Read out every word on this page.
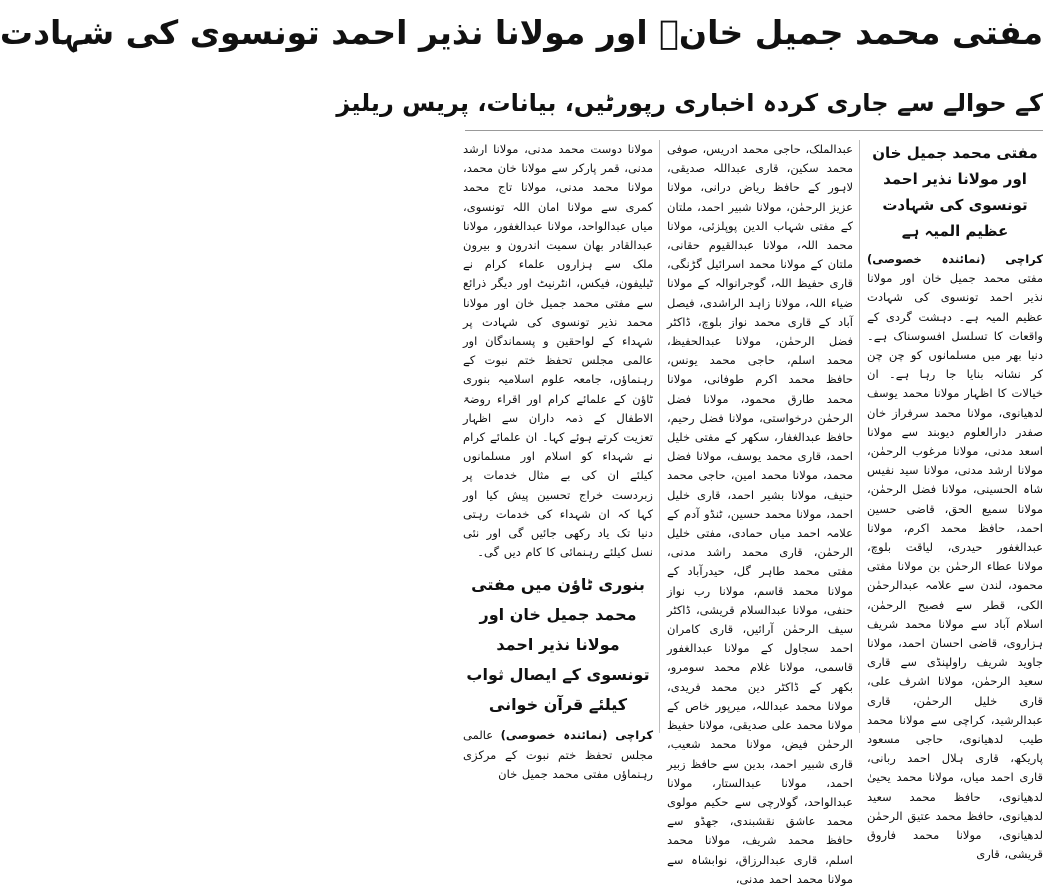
مفتی محمد جمیل خانؒ اور مولانا نذیر احمد تونسوی کی شہادت
کے حوالے سے جاری کردہ اخباری رپورٹیں، بیانات، پریس ریلیز
مفتی محمد جمیل خان اور مولانا نذیر احمد تونسوی کی شہادت عظیم المیہ ہے

کراچی (نمائندہ خصوصی) مفتی محمد جمیل خان اور مولانا نذیر احمد تونسوی کی شہادت عظیم المیہ ہے۔ دہشت گردی کے واقعات کا تسلسل افسوسناک ہے۔ دنیا بھر میں مسلمانوں کو چن چن کر نشانہ بنایا جا رہا ہے۔ ان خیالات کا اظہار مولانا محمد یوسف لدھیانوی، مولانا محمد سرفراز خان صفدر دارالعلوم دیوبند سے مولانا اسعد مدنی، مولانا مرغوب الرحمٰن، مولانا ارشد مدنی، مولانا سید نفیس شاہ الحسینی، مولانا فضل الرحمٰن، مولانا سمیع الحق، قاضی حسین احمد، حافظ محمد اکرم، مولانا عبدالغفور حیدری، لیاقت بلوچ، مولانا عطاء الرحمٰن بن مولانا مفتی محمود، لندن سے علامہ عبدالرحمٰن الکی، قطر سے فصیح الرحمٰن، اسلام آباد سے مولانا محمد شریف ہزاروی، قاضی احسان احمد، مولانا جاوید شریف راولپنڈی سے قاری سعید الرحمٰن، مولانا اشرف علی، قاری خلیل الرحمٰن، قاری عبدالرشید، کراچی سے مولانا محمد طیب لدھیانوی، حاجی مسعود پاریکھ، قاری ہلال احمد ربانی، قاری احمد میاں، مولانا محمد یحییٰ لدھیانوی، حافظ محمد سعید لدھیانوی، حافظ محمد عتیق الرحمٰن لدھیانوی، مولانا محمد فاروق قریشی، قاری

عبدالملک، حاجی محمد ادریس، صوفی محمد سکین، قاری عبداللہ صدیقی، لاہور کے حافظ ریاض درانی، مولانا عزیز الرحمٰن، مولانا شبیر احمد، ملتان کے مفتی شہاب الدین پوپلزئی، مولانا محمد اللہ، مولانا عبدالقیوم حقانی، ملتان کے مولانا محمد اسرائیل گڑنگی، قاری حفیظ اللہ، گوجرانوالہ کے مولانا ضیاء اللہ، مولانا زاہد الراشدی، فیصل آباد کے قاری محمد نواز بلوچ، ڈاکٹر فضل الرحمٰن، مولانا عبدالحفیظ، محمد اسلم، حاجی محمد یونس، حافظ محمد اکرم طوفانی، مولانا محمد طارق محمود، مولانا فضل الرحمٰن درخواستی، مولانا فضل رحیم، حافظ عبدالغفار، سکھر کے مفتی خلیل احمد، قاری محمد یوسف، مولانا فضل محمد، مولانا محمد امین، حاجی محمد حنیف، مولانا بشیر احمد، قاری خلیل احمد، مولانا محمد حسین، ٹنڈو آدم کے علامہ احمد میاں حمادی، مفتی خلیل الرحمٰن، قاری محمد راشد مدنی، مفتی محمد طاہر گل، حیدرآباد کے مولانا محمد قاسم، مولانا رب نواز حنفی، مولانا عبدالسلام قریشی، ڈاکٹر سیف الرحمٰن آرائیں، قاری کامران احمد سجاول کے مولانا عبدالغفور قاسمی، مولانا غلام محمد سومرو، بکھر کے ڈاکٹر دین محمد فریدی، مولانا محمد عبداللہ، میرپور خاص کے مولانا محمد علی صدیقی، مولانا حفیظ الرحمٰن فیض، مولانا محمد شعیب، قاری شبیر احمد، بدین سے حافظ زبیر احمد، مولانا عبدالستار، مولانا عبدالواحد، گولارچی سے حکیم مولوی محمد عاشق نقشبندی، جھڈو سے حافظ محمد شریف، مولانا محمد اسلم، قاری عبدالرزاق، نوابشاہ سے مولانا محمد احمد مدنی،

مولانا دوست محمد مدنی، مولانا ارشد مدنی، قمر پارکر سے مولانا خان محمد، مولانا محمد مدنی، مولانا تاج محمد کمری سے مولانا امان اللہ تونسوی، میاں عبدالواحد، مولانا عبدالغفور، مولانا عبدالقادر بھان سمیت اندرون و بیرون ملک سے ہزاروں علماء کرام نے ٹیلیفون، فیکس، انٹرنیٹ اور دیگر ذرائع سے مفتی محمد جمیل خان اور مولانا محمد نذیر تونسوی کی شہادت پر شہداء کے لواحقین و پسماندگان اور عالمی مجلس تحفظ ختم نبوت کے رہنماؤں، جامعہ علوم اسلامیہ بنوری ٹاؤن کے علمائے کرام اور اقراء روضۃ الاطفال کے ذمہ داران سے اظہار تعزیت کرتے ہوئے کہا۔ ان علمائے کرام نے شہداء کو اسلام اور مسلمانوں کیلئے ان کی بے مثال خدمات پر زبردست خراج تحسین پیش کیا اور کہا کہ ان شہداء کی خدمات رہتی دنیا تک یاد رکھی جائیں گی اور نئی نسل کیلئے رہنمائی کا کام دیں گی۔

بنوری ٹاؤن میں مفتی محمد جمیل خان اور مولانا نذیر احمد تونسوی کے ایصال ثواب کیلئے قرآن خوانی

کراچی (نمائندہ خصوصی) عالمی مجلس تحفظ ختم نبوت کے مرکزی رہنماؤں مفتی محمد جمیل خان
